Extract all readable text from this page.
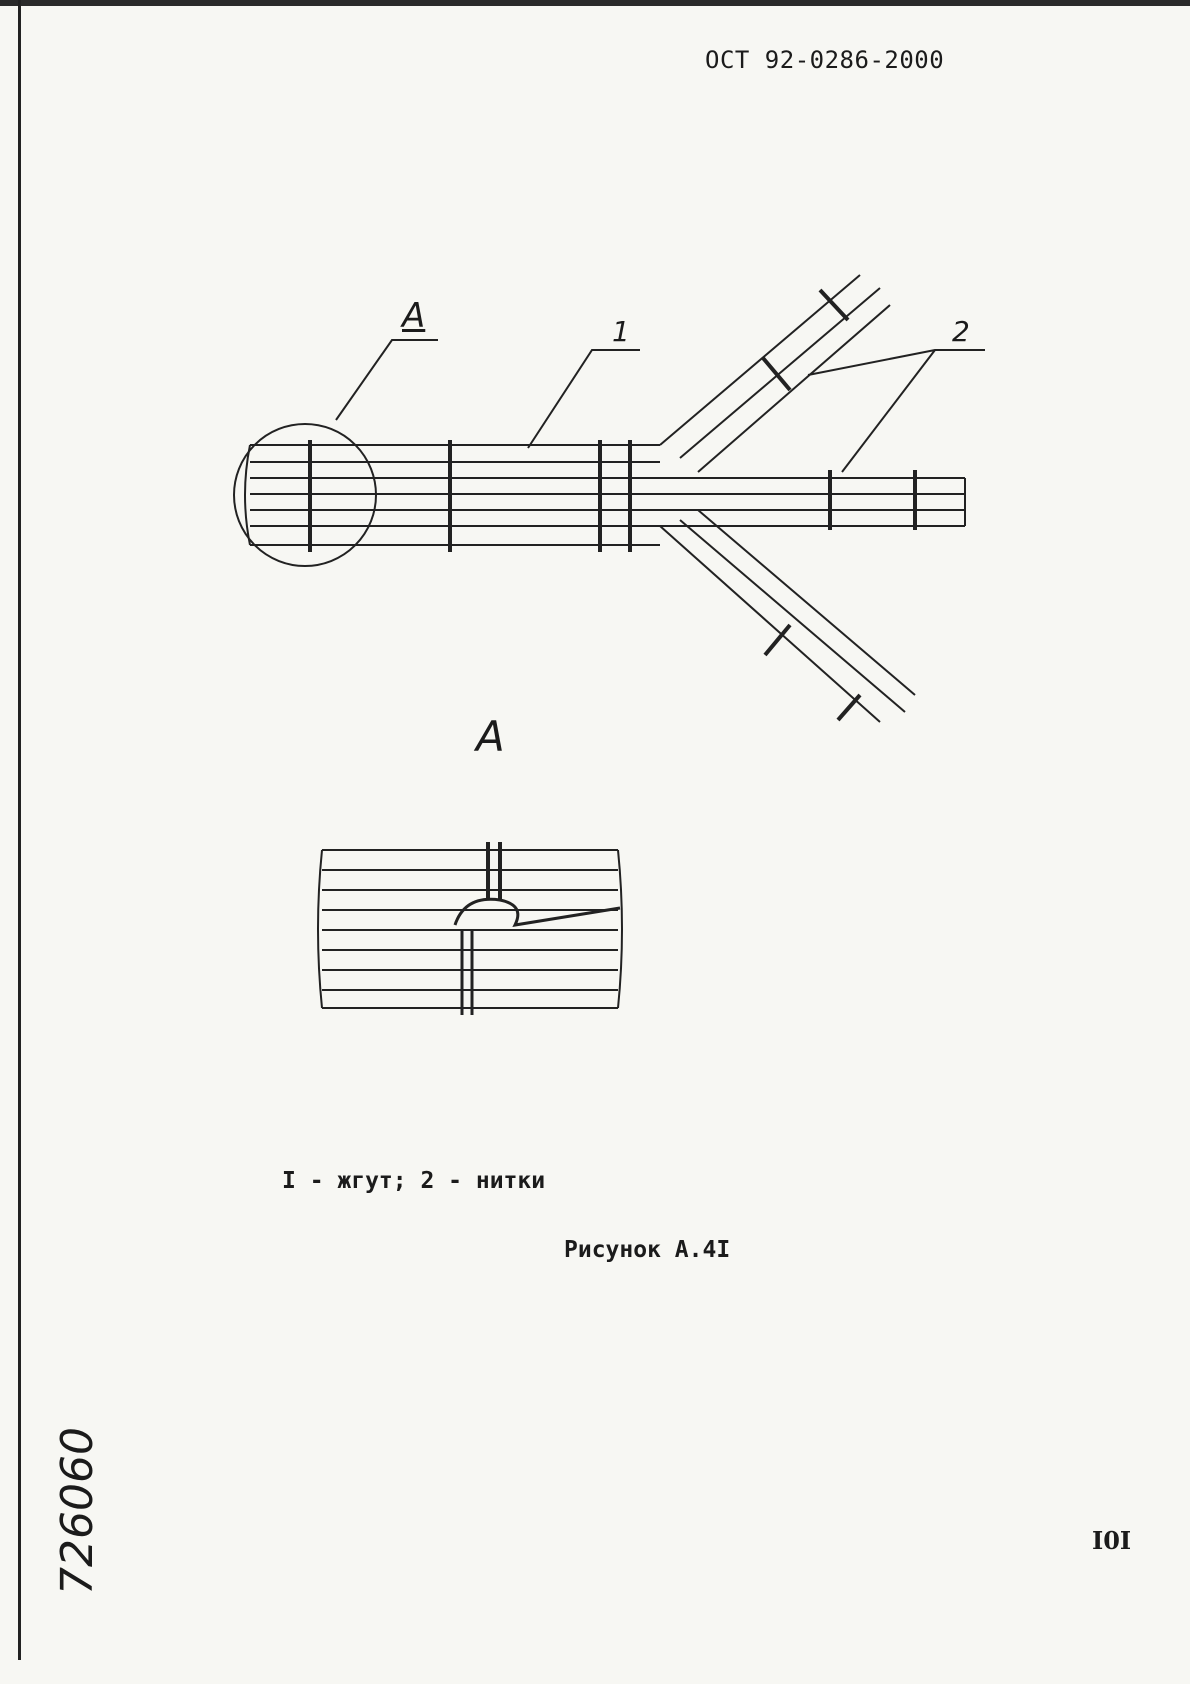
ОСТ 92-0286-2000
А	1	2
А
I - жгут; 2 - нитки
Рисунок А.4I
I0I
726060
